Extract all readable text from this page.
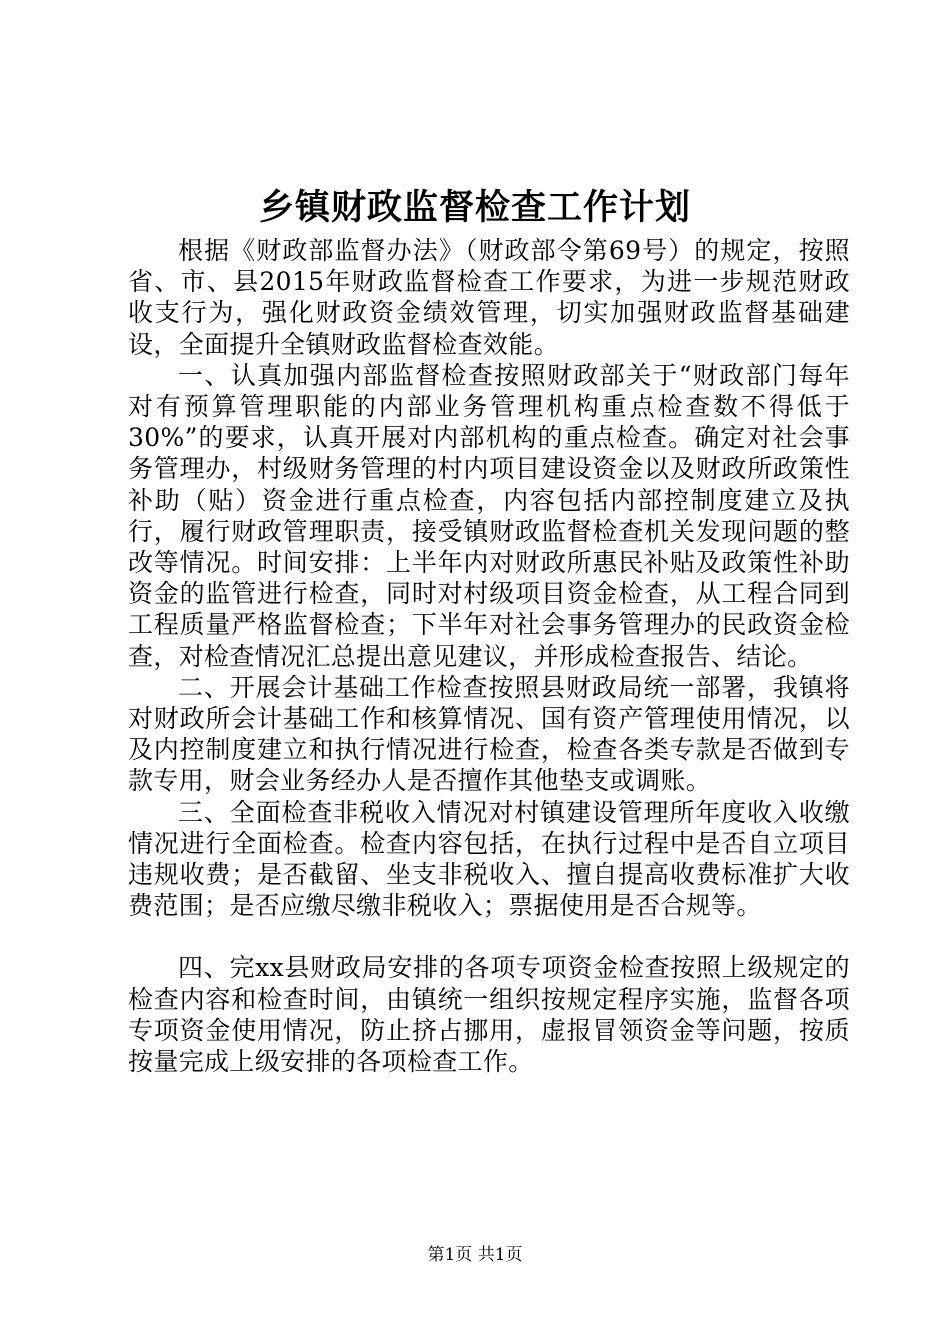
乡镇财政监督检查工作计划

根据《财政部监督办法》（财政部令第69号）的规定，按照省、市、县2015年财政监督检查工作要求，为进一步规范财政收支行为，强化财政资金绩效管理，切实加强财政监督基础建设，全面提升全镇财政监督检查效能。

一、认真加强内部监督检查按照财政部关于“财政部门每年对有预算管理职能的内部业务管理机构重点检查数不得低于30%”的要求，认真开展对内部机构的重点检查。确定对社会事务管理办，村级财务管理的村内项目建设资金以及财政所政策性补助（贴）资金进行重点检查，内容包括内部控制度建立及执行，履行财政管理职责，接受镇财政监督检查机关发现问题的整改等情况。时间安排：上半年内对财政所惠民补贴及政策性补助资金的监管进行检查，同时对村级项目资金检查，从工程合同到工程质量严格监督检查；下半年对社会事务管理办的民政资金检查，对检查情况汇总提出意见建议，并形成检查报告、结论。

二、开展会计基础工作检查按照县财政局统一部署，我镇将对财政所会计基础工作和核算情况、国有资产管理使用情况，以及内控制度建立和执行情况进行检查，检查各类专款是否做到专款专用，财会业务经办人是否擅作其他垫支或调账。

三、全面检查非税收入情况对村镇建设管理所年度收入收缴情况进行全面检查。检查内容包括，在执行过程中是否自立项目违规收费；是否截留、坐支非税收入、擅自提高收费标准扩大收费范围；是否应缴尽缴非税收入；票据使用是否合规等。

四、完xx县财政局安排的各项专项资金检查按照上级规定的检查内容和检查时间，由镇统一组织按规定程序实施，监督各项专项资金使用情况，防止挤占挪用，虚报冒领资金等问题，按质按量完成上级安排的各项检查工作。

第1页 共1页
